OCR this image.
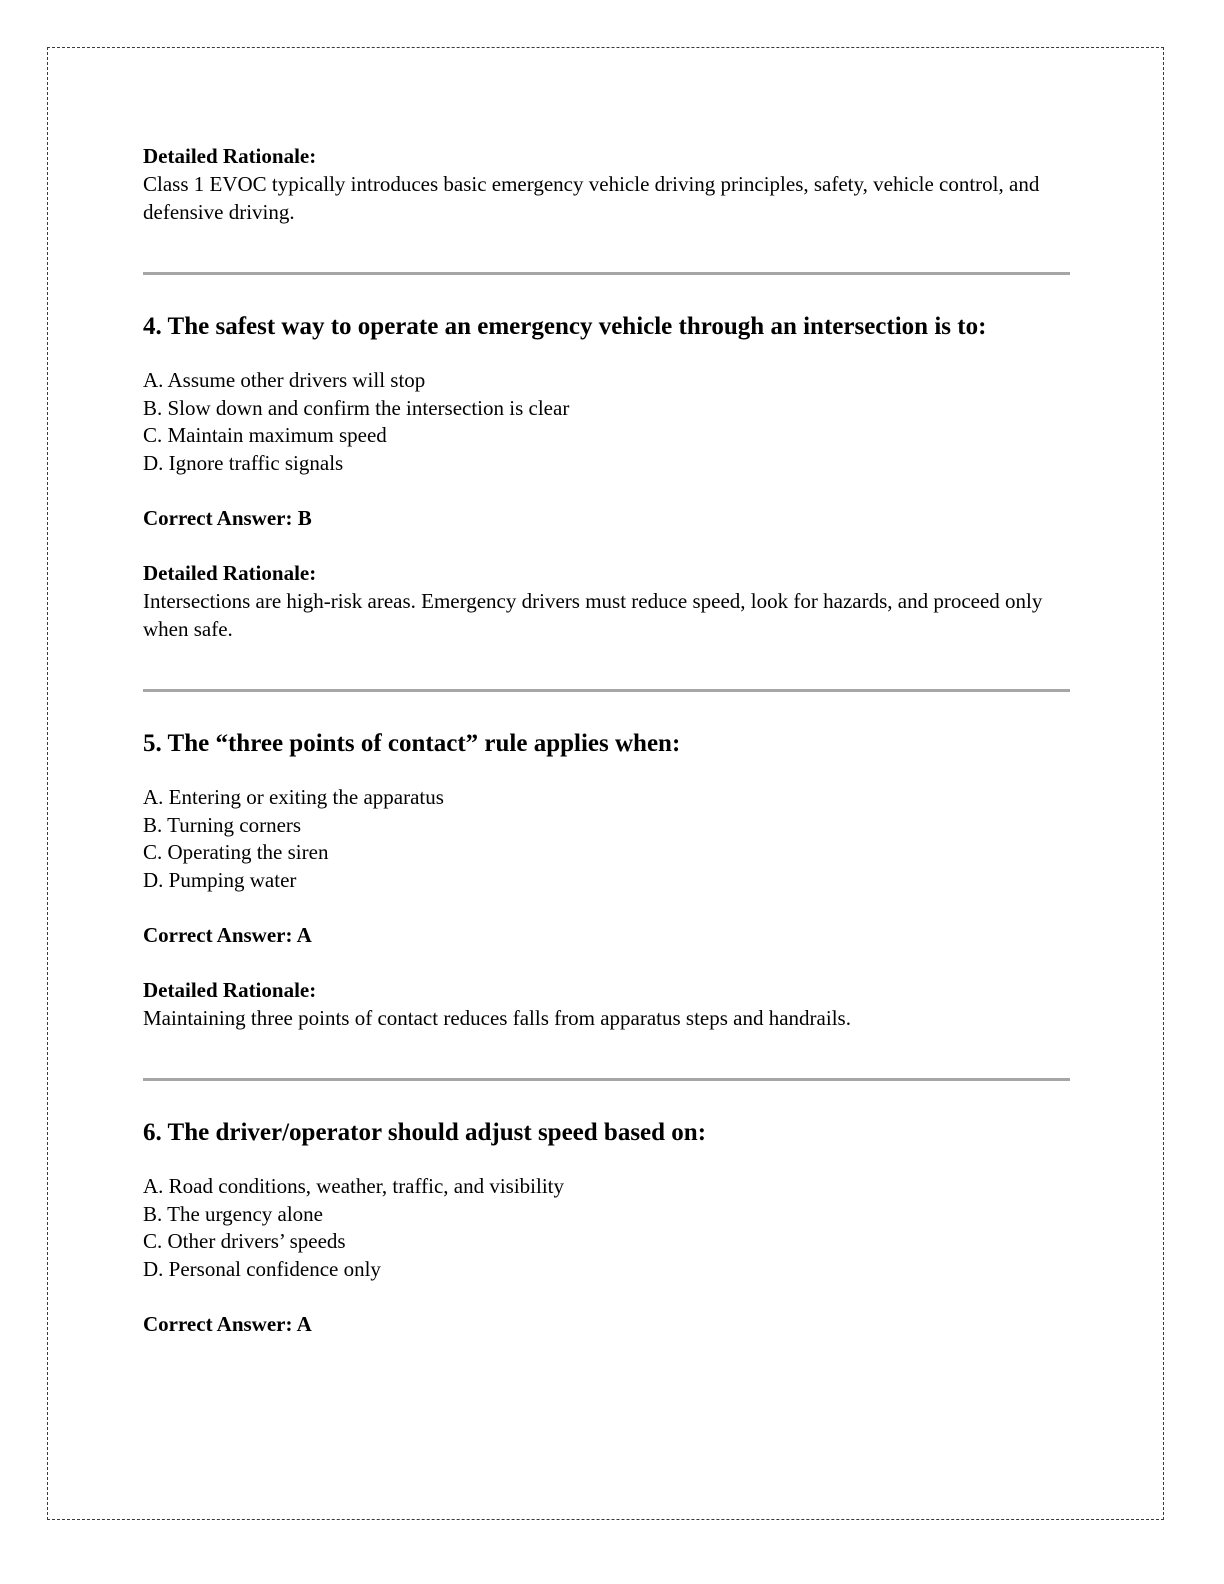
Detailed Rationale:
Class 1 EVOC typically introduces basic emergency vehicle driving principles, safety, vehicle control, and defensive driving.
4. The safest way to operate an emergency vehicle through an intersection is to:
A. Assume other drivers will stop
B. Slow down and confirm the intersection is clear
C. Maintain maximum speed
D. Ignore traffic signals
Correct Answer: B
Detailed Rationale:
Intersections are high-risk areas. Emergency drivers must reduce speed, look for hazards, and proceed only when safe.
5. The “three points of contact” rule applies when:
A. Entering or exiting the apparatus
B. Turning corners
C. Operating the siren
D. Pumping water
Correct Answer: A
Detailed Rationale:
Maintaining three points of contact reduces falls from apparatus steps and handrails.
6. The driver/operator should adjust speed based on:
A. Road conditions, weather, traffic, and visibility
B. The urgency alone
C. Other drivers’ speeds
D. Personal confidence only
Correct Answer: A
